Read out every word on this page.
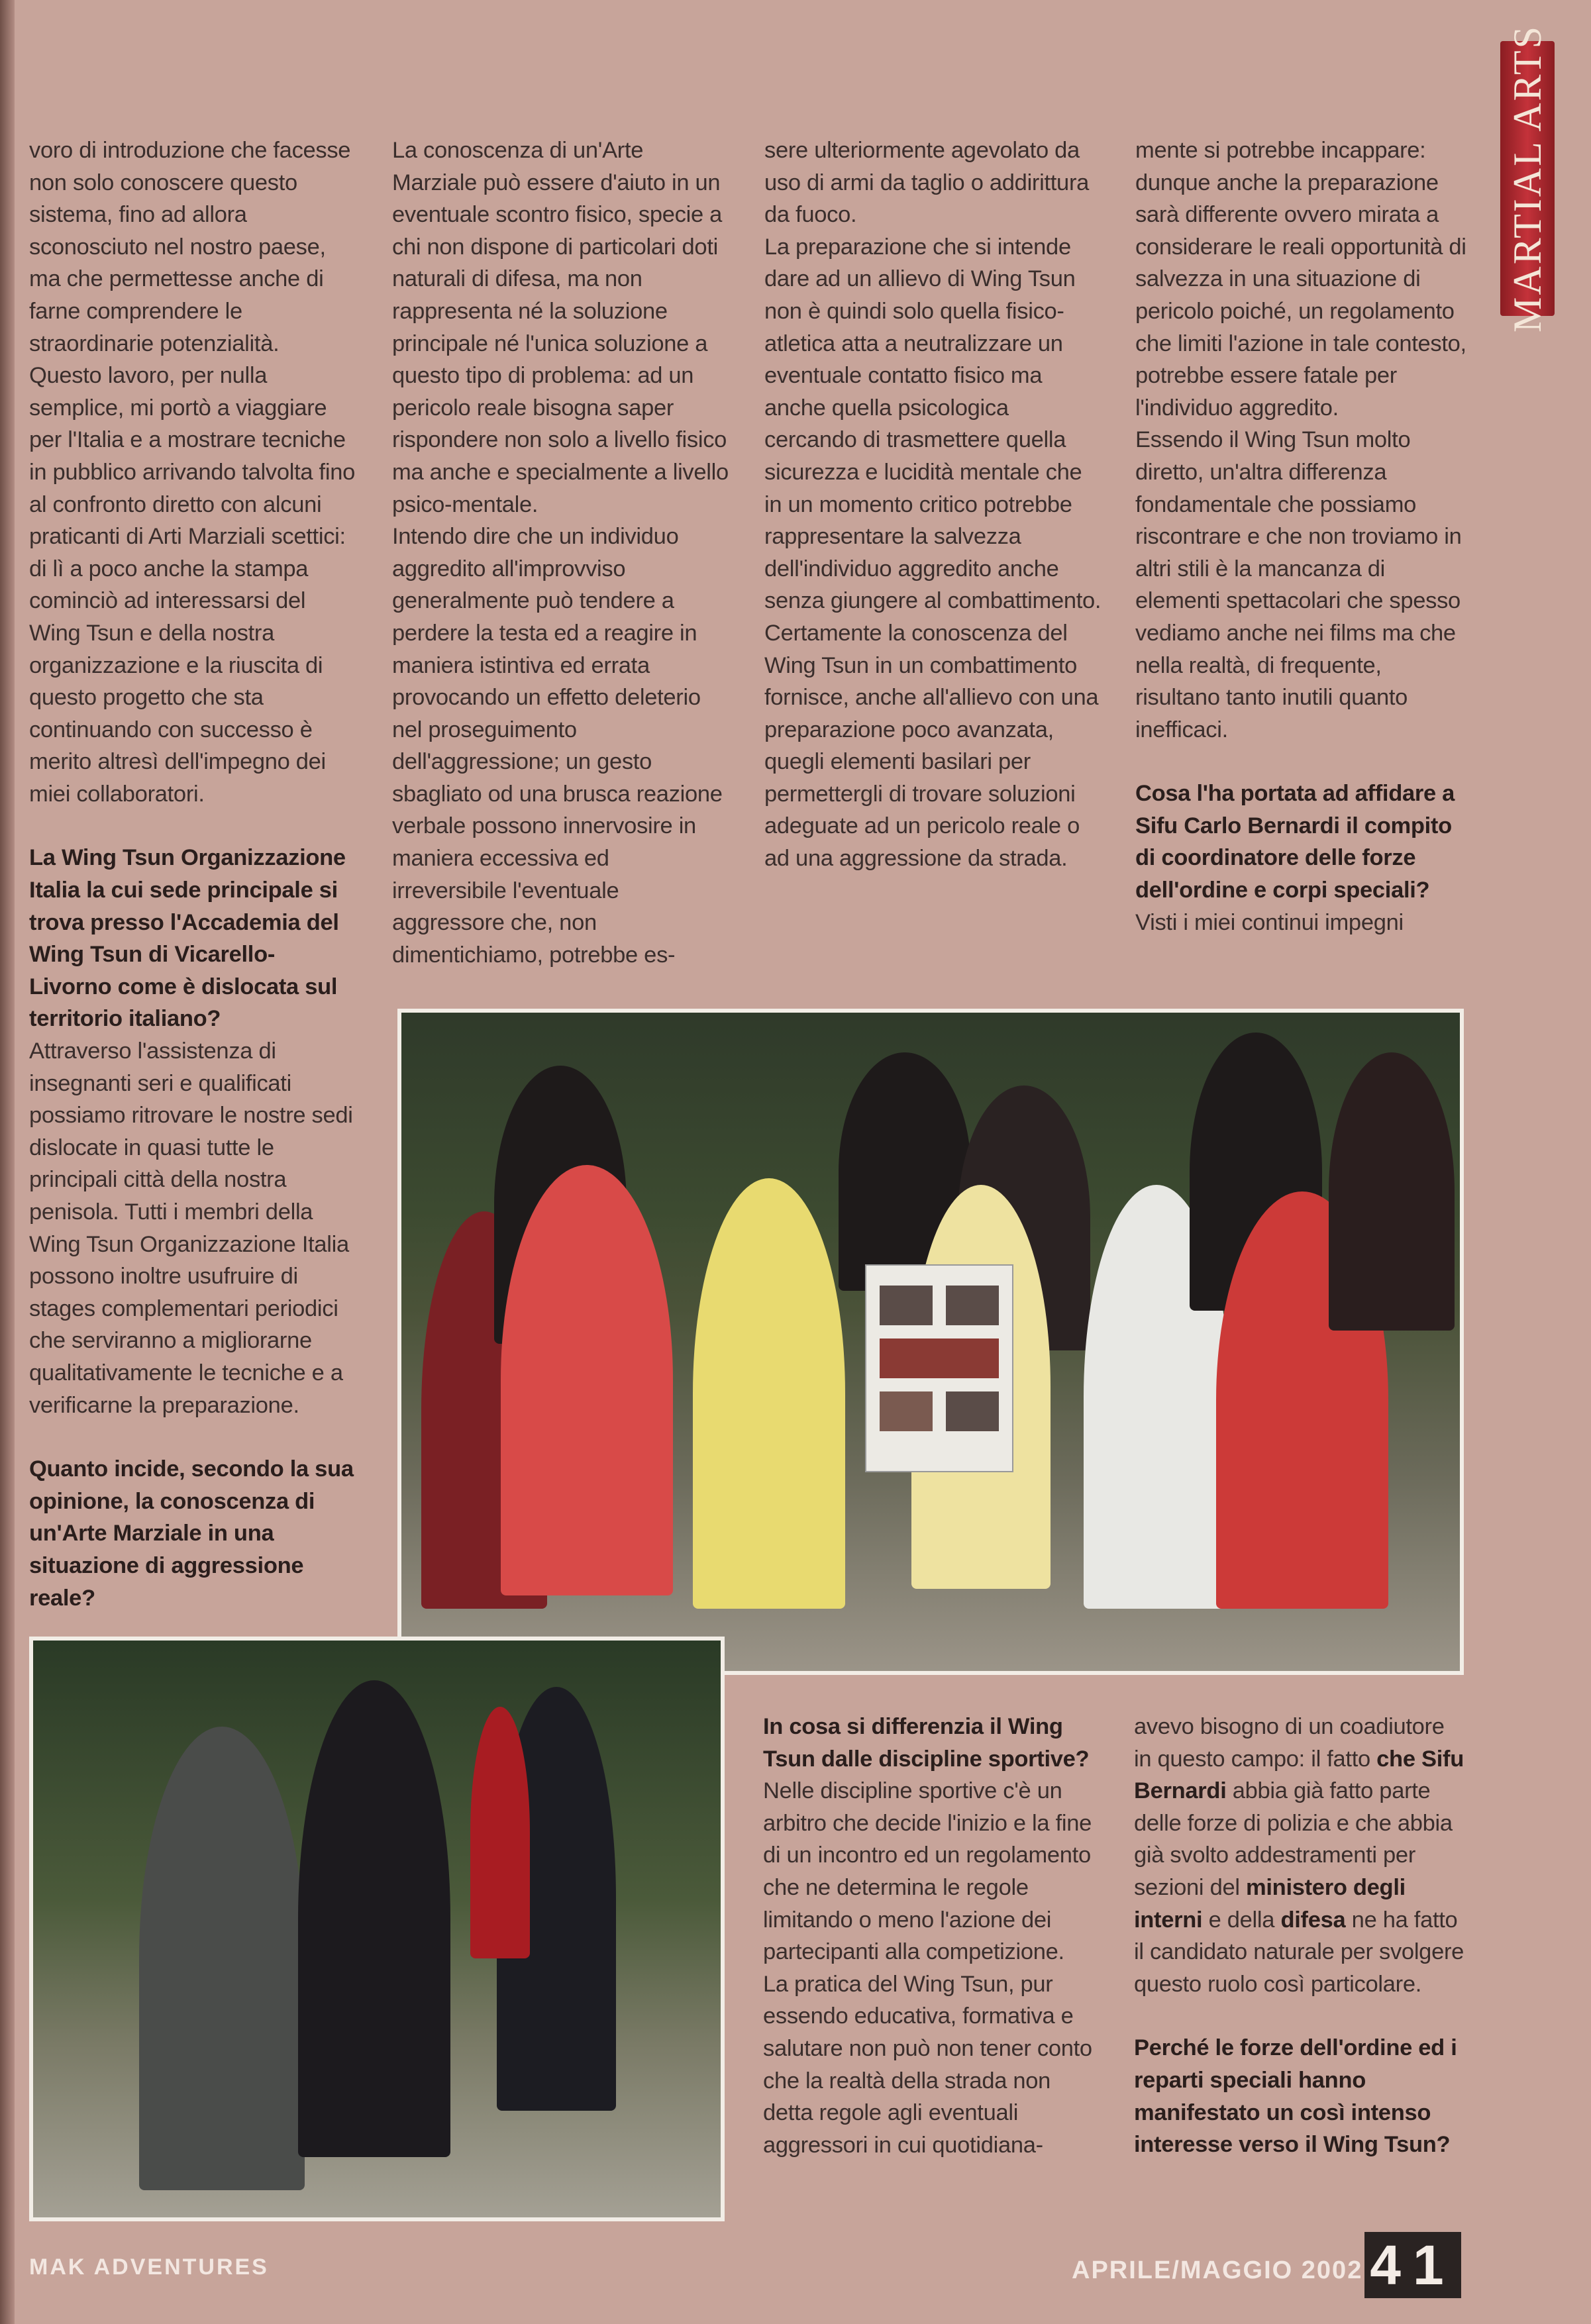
MARTIAL ARTS

voro di introduzione che facesse non solo conoscere questo sistema, fino ad allora sconosciuto nel nostro paese, ma che permettesse anche di farne comprendere le straordinarie potenzialità.

Questo lavoro, per nulla semplice, mi portò a viaggiare per l'Italia e a mostrare tecniche in pubblico arrivando talvolta fino al confronto diretto con alcuni praticanti di Arti Marziali scettici: di lì a poco anche la stampa cominciò ad interessarsi del Wing Tsun e della nostra organizzazione e la riuscita di questo progetto che sta continuando con successo è merito altresì dell'impegno dei miei collaboratori.

La Wing Tsun Organizzazione Italia la cui sede principale si trova presso l'Accademia del Wing Tsun di Vicarello-Livorno come è dislocata sul territorio italiano?

Attraverso l'assistenza di insegnanti seri e qualificati possiamo ritrovare le nostre sedi dislocate in quasi tutte le principali città della nostra penisola. Tutti i membri della Wing Tsun Organizzazione Italia possono inoltre usufruire di stages complementari periodici che serviranno a migliorarne qualitativamente le tecniche e a verificarne la preparazione.

Quanto incide, secondo la sua opinione, la conoscenza di un'Arte Marziale in una situazione di aggressione reale?

La conoscenza di un'Arte Marziale può essere d'aiuto in un eventuale scontro fisico, specie a chi non dispone di particolari doti naturali di difesa, ma non rappresenta né la soluzione principale né l'unica soluzione a questo tipo di problema: ad un pericolo reale bisogna saper rispondere non solo a livello fisico ma anche e specialmente a livello psico-mentale.

Intendo dire che un individuo aggredito all'improvviso generalmente può tendere a perdere la testa ed a reagire in maniera istintiva ed errata provocando un effetto deleterio nel proseguimento dell'aggressione; un gesto sbagliato od una brusca reazione verbale possono innervosire in maniera eccessiva ed irreversibile l'eventuale aggressore che, non dimentichiamo, potrebbe es-

sere ulteriormente agevolato da uso di armi da taglio o addirittura da fuoco.

La preparazione che si intende dare ad un allievo di Wing Tsun non è quindi solo quella fisico-atletica atta a neutralizzare un eventuale contatto fisico ma anche quella psicologica cercando di trasmettere quella sicurezza e lucidità mentale che in un momento critico potrebbe rappresentare la salvezza dell'individuo aggredito anche senza giungere al combattimento.

Certamente la conoscenza del Wing Tsun in un combattimento fornisce, anche all'allievo con una preparazione poco avanzata, quegli elementi basilari per permettergli di trovare soluzioni adeguate ad un pericolo reale o ad una aggressione da strada.

mente si potrebbe incappare: dunque anche la preparazione sarà differente ovvero mirata a considerare le reali opportunità di salvezza in una situazione di pericolo poiché, un regolamento che limiti l'azione in tale contesto, potrebbe essere fatale per l'individuo aggredito.

Essendo il Wing Tsun molto diretto, un'altra differenza fondamentale che possiamo riscontrare e che non troviamo in altri stili è la mancanza di elementi spettacolari che spesso vediamo anche nei films ma che nella realtà, di frequente, risultano tanto inutili quanto inefficaci.

Cosa l'ha portata ad affidare a Sifu Carlo Bernardi il compito di coordinatore delle forze dell'ordine e corpi speciali?

Visti i miei continui impegni

In cosa si differenzia il Wing Tsun dalle discipline sportive?

Nelle discipline sportive c'è un arbitro che decide l'inizio e la fine di un incontro ed un regolamento che ne determina le regole limitando o meno l'azione dei partecipanti alla competizione.

La pratica del Wing Tsun, pur essendo educativa, formativa e salutare non può non tener conto che la realtà della strada non detta regole agli eventuali aggressori in cui quotidiana-

avevo bisogno di un coadiutore in questo campo: il fatto che Sifu Bernardi abbia già fatto parte delle forze di polizia e che abbia già svolto addestramenti per sezioni del ministero degli interni e della difesa ne ha fatto il candidato naturale per svolgere questo ruolo così particolare.

Perché le forze dell'ordine ed i reparti speciali hanno manifestato un così intenso interesse verso il Wing Tsun?

MAK ADVENTURES	APRILE/MAGGIO 2002 41
